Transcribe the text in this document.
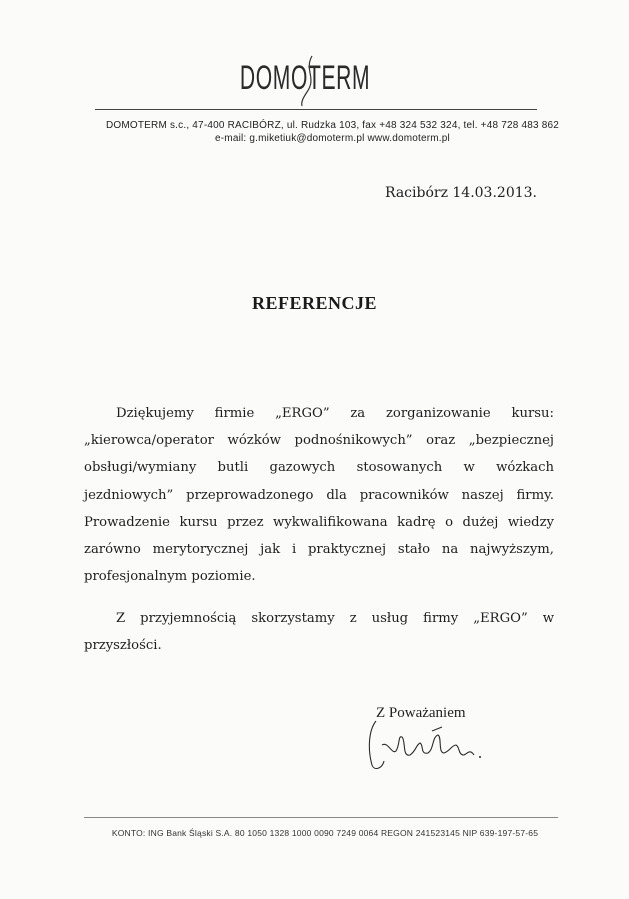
DOMOTERM
DOMOTERM s.c., 47-400 RACIBÓRZ, ul. Rudzka 103, fax +48 324 532 324, tel. +48 728 483 862
e-mail: g.miketiuk@domoterm.pl www.domoterm.pl
Racibórz 14.03.2013.
REFERENCJE

Dziękujemy firmie „ERGO” za zorganizowanie kursu: „kierowca/operator wózków podnośnikowych” oraz „bezpiecznej obsługi/wymiany butli gazowych stosowanych w wózkach jezdniowych” przeprowadzonego dla pracowników naszej firmy. Prowadzenie kursu przez wykwalifikowana kadrę o dużej wiedzy zarówno merytorycznej jak i praktycznej stało na najwyższym, profesjonalnym poziomie.

Z przyjemnością skorzystamy z usług firmy „ERGO” w przyszłości.

Z Poważaniem
KONTO: ING Bank Śląski S.A. 80 1050 1328 1000 0090 7249 0064 REGON 241523145 NIP 639-197-57-65
